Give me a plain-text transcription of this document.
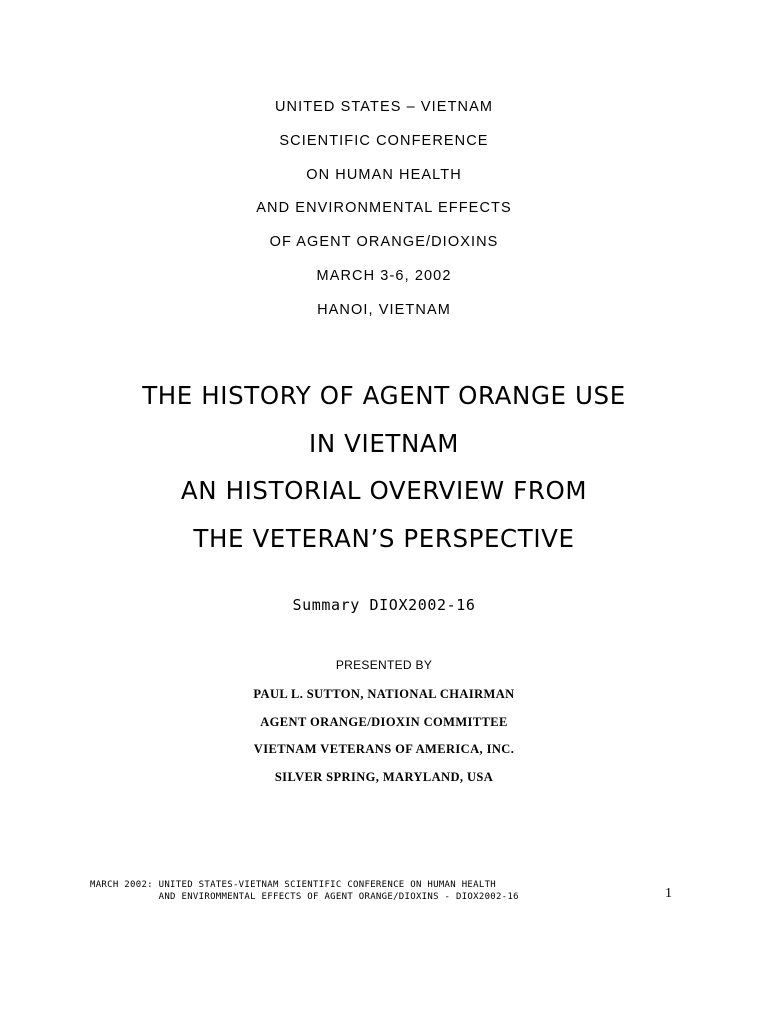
UNITED STATES – VIETNAM
SCIENTIFIC CONFERENCE
ON HUMAN HEALTH
AND ENVIRONMENTAL EFFECTS
OF AGENT ORANGE/DIOXINS
MARCH 3-6, 2002
HANOI, VIETNAM
THE HISTORY OF AGENT ORANGE USE
IN VIETNAM
AN HISTORIAL OVERVIEW FROM
THE VETERAN’S PERSPECTIVE
Summary DIOX2002-16
PRESENTED BY
PAUL L. SUTTON, NATIONAL CHAIRMAN
AGENT ORANGE/DIOXIN COMMITTEE
VIETNAM VETERANS OF AMERICA, INC.
SILVER SPRING, MARYLAND, USA
MARCH 2002: UNITED STATES-VIETNAM SCIENTIFIC CONFERENCE ON HUMAN HEALTH
AND ENVIROMMENTAL EFFECTS OF AGENT ORANGE/DIOXINS - DIOX2002-16	1
